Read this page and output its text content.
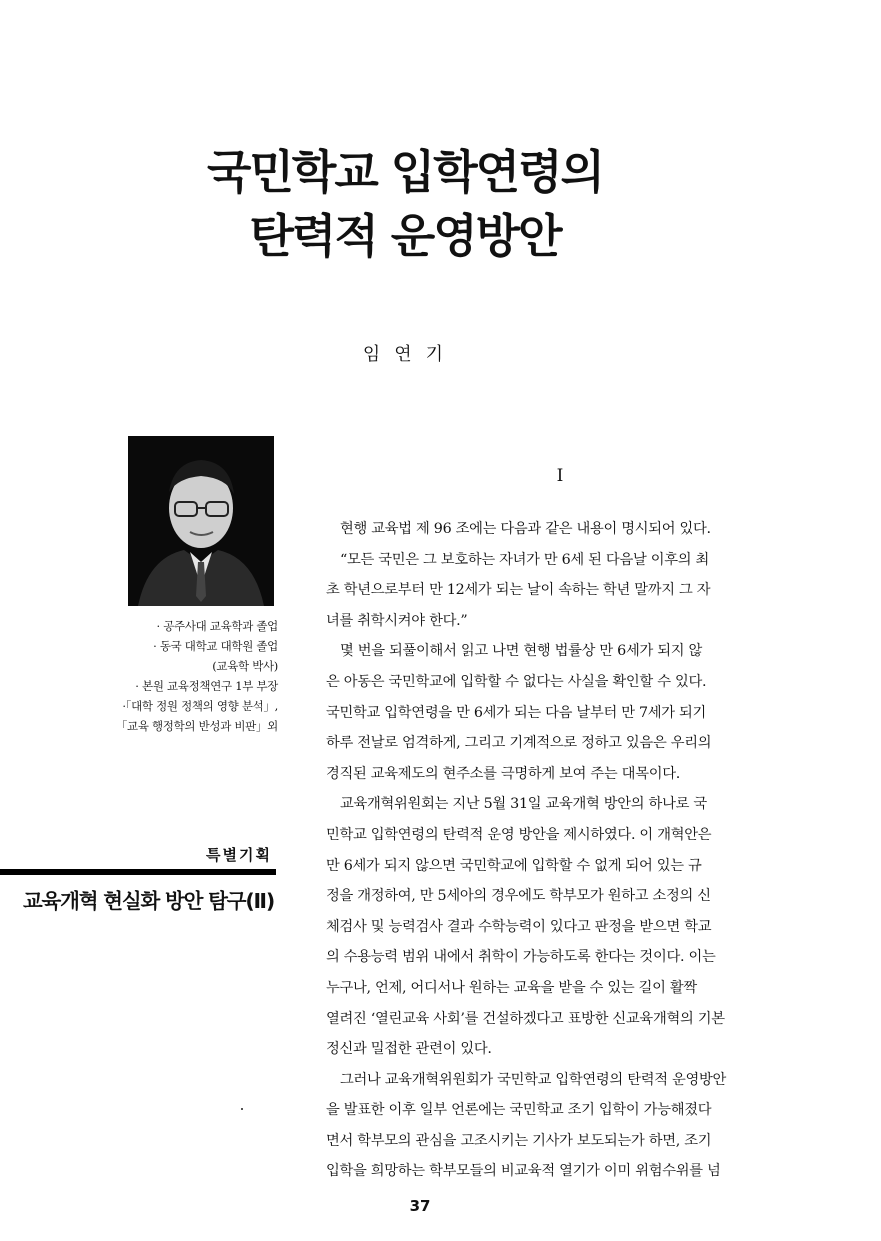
국민학교 입학연령의
탄력적 운영방안
임연기
· 공주사대 교육학과 졸업
· 동국 대학교 대학원 졸업
(교육학 박사)
· 본원 교육정책연구 1부 부장
·「대학 정원 정책의 영향 분석」,
「교육 행정학의 반성과 비판」외
특별기획
교육개혁 현실화 방안 탐구(Ⅱ)
I
현행 교육법 제 96 조에는 다음과 같은 내용이 명시되어 있다.
“모든 국민은 그 보호하는 자녀가 만 6세 된 다음날 이후의 최
초 학년으로부터 만 12세가 되는 날이 속하는 학년 말까지 그 자
녀를 취학시켜야 한다.”
몇 번을 되풀이해서 읽고 나면 현행 법률상 만 6세가 되지 않
은 아동은 국민학교에 입학할 수 없다는 사실을 확인할 수 있다.
국민학교 입학연령을 만 6세가 되는 다음 날부터 만 7세가 되기
하루 전날로 엄격하게, 그리고 기계적으로 정하고 있음은 우리의
경직된 교육제도의 현주소를 극명하게 보여 주는 대목이다.
교육개혁위원회는 지난 5월 31일 교육개혁 방안의 하나로 국
민학교 입학연령의 탄력적 운영 방안을 제시하였다. 이 개혁안은
만 6세가 되지 않으면 국민학교에 입학할 수 없게 되어 있는 규
정을 개정하여, 만 5세아의 경우에도 학부모가 원하고 소정의 신
체검사 및 능력검사 결과 수학능력이 있다고 판정을 받으면 학교
의 수용능력 범위 내에서 취학이 가능하도록 한다는 것이다. 이는
누구나, 언제, 어디서나 원하는 교육을 받을 수 있는 길이 활짝
열려진 ‘열린교육 사회’를 건설하겠다고 표방한 신교육개혁의 기본
정신과 밀접한 관련이 있다.
그러나 교육개혁위원회가 국민학교 입학연령의 탄력적 운영방안
을 발표한 이후 일부 언론에는 국민학교 조기 입학이 가능해졌다
면서 학부모의 관심을 고조시키는 기사가 보도되는가 하면, 조기
입학을 희망하는 학부모들의 비교육적 열기가 이미 위험수위를 넘
37
